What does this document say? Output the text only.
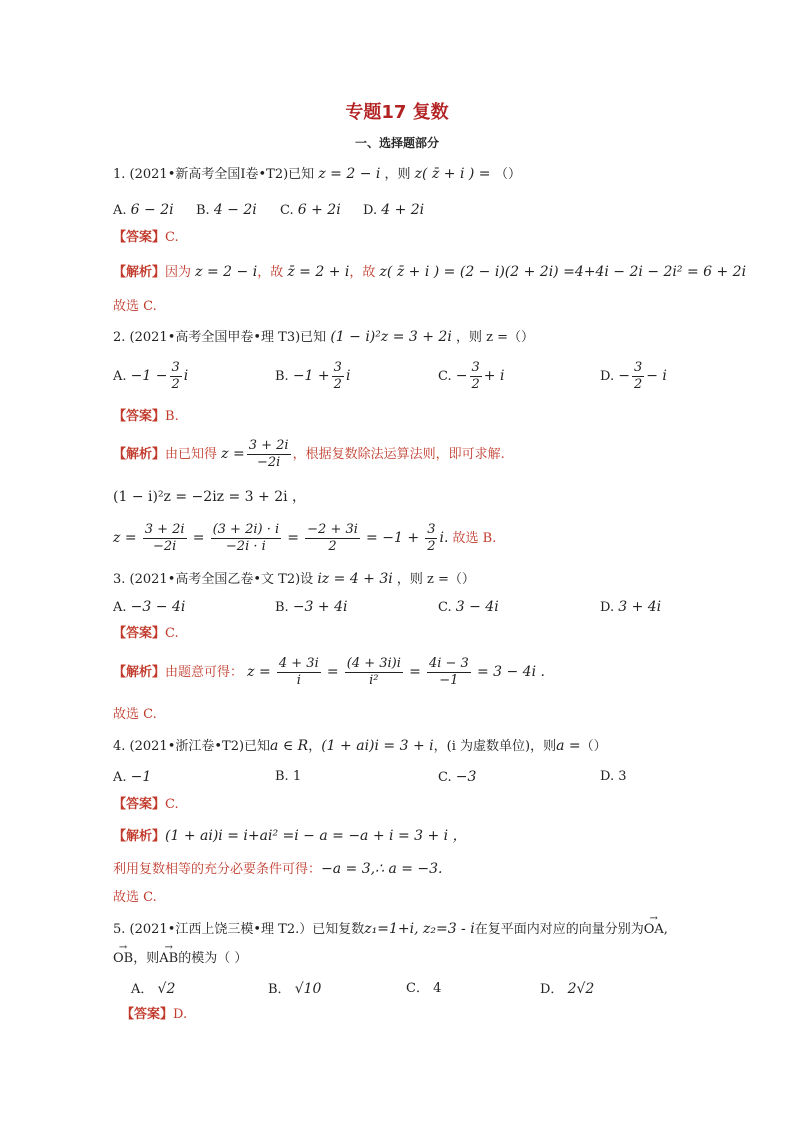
专题17 复数
一、选择题部分
1. (2021•新高考全国Ⅰ卷•T2)已知 z = 2 − i ，则 z( z̄ + i ) = （）
A. 6 − 2i B. 4 − 2i C. 6 + 2i D. 4 + 2i
【答案】C.
【解析】因为 z = 2 − i，故 z̄ = 2 + i，故 z( z̄ + i ) = (2 − i)(2 + 2i) =4+4i − 2i − 2i² = 6 + 2i
故选 C.
2. (2021•高考全国甲卷•理 T3)已知 (1 − i)²z = 3 + 2i ，则 z =（）
A. $-1 - \frac{3}{2}$ i	B. $-1 + \frac{3}{2}$ i	C. − $\frac{3}{2} + i$	D. − $\frac{3}{2} - i$
【答案】B.
【解析】由已知得 $z = \frac{3 + 2i}{-2i}$ ，根据复数除法运算法则，即可求解.
(1 − i)²z = −2iz = 3 + 2i ，
$z = \frac{3 + 2i}{-2i} = \frac{(3 + 2i) \cdot i}{-2i \cdot i} = \frac{-2 + 3i}{2} = -1 + \frac{3}{2} i$. 故选 B.
3. (2021•高考全国乙卷•文 T2)设 iz = 4 + 3i ，则 z =（）
A. −3 − 4i	B. −3 + 4i	C. 3 − 4i	D. 3 + 4i
【答案】C.
【解析】由题意可得： $z = \frac{4 + 3i}{i} = \frac{(4 + 3i)i}{\text{i²}} = \frac{4i - 3}{-1} = 3 - 4i$ .
故选 C.
4. (2021•浙江卷•T2)已知a ∈ R，(1 + ai)i = 3 + i，(i 为虚数单位)，则a =（）
A. −1	B. 1	C. −3	D. 3
【答案】C.
【解析】(1 + ai)i = i+ai² =i − a = −a + i = 3 + i ，
利用复数相等的充分必要条件可得：−a = 3,∴ a = −3.
故选 C.
5. (2021•江西上饶三模•理 T2.）已知复数z₁=1+i, z₂=3 - i在复平面内对应的向量分别为→ OA,
→ OB，则→ AB的模为（ ）
A． √2	B． √10	C． 4	D． 2√2
【答案】D.
